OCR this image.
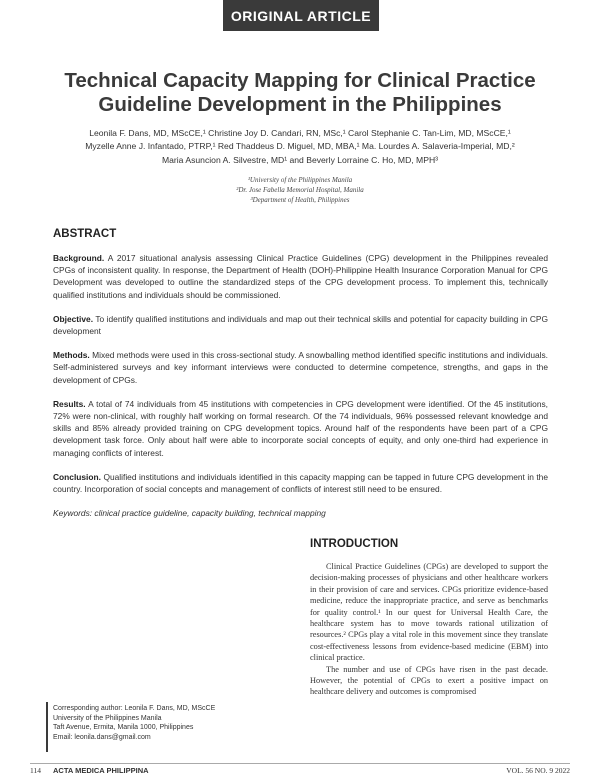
ORIGINAL ARTICLE
Technical Capacity Mapping for Clinical Practice
Guideline Development in the Philippines
Leonila F. Dans, MD, MScCE,¹ Christine Joy D. Candari, RN, MSc,¹ Carol Stephanie C. Tan-Lim, MD, MScCE,¹
Myzelle Anne J. Infantado, PTRP,¹ Red Thaddeus D. Miguel, MD, MBA,¹ Ma. Lourdes A. Salaveria-Imperial, MD,²
Maria Asuncion A. Silvestre, MD¹ and Beverly Lorraine C. Ho, MD, MPH³
¹University of the Philippines Manila
²Dr. Jose Fabella Memorial Hospital, Manila
³Department of Health, Philippines
ABSTRACT

Background. A 2017 situational analysis assessing Clinical Practice Guidelines (CPG) development in the Philippines revealed CPGs of inconsistent quality. In response, the Department of Health (DOH)-Philippine Health Insurance Corporation Manual for CPG Development was developed to outline the standardized steps of the CPG development process. To implement this, technically qualified institutions and individuals should be commissioned.

Objective. To identify qualified institutions and individuals and map out their technical skills and potential for capacity building in CPG development

Methods. Mixed methods were used in this cross-sectional study. A snowballing method identified specific institutions and individuals. Self-administered surveys and key informant interviews were conducted to determine competence, strengths, and gaps in the development of CPGs.

Results. A total of 74 individuals from 45 institutions with competencies in CPG development were identified. Of the 45 institutions, 72% were non-clinical, with roughly half working on formal research. Of the 74 individuals, 96% possessed relevant knowledge and skills and 85% already provided training on CPG development topics. Around half of the respondents have been part of a CPG development task force. Only about half were able to incorporate social concepts of equity, and only one-third had experience in managing conflicts of interest.

Conclusion. Qualified institutions and individuals identified in this capacity mapping can be tapped in future CPG development in the country. Incorporation of social concepts and management of conflicts of interest still need to be ensured.

Keywords: clinical practice guideline, capacity building, technical mapping

INTRODUCTION

Clinical Practice Guidelines (CPGs) are developed to support the decision-making processes of physicians and other healthcare workers in their provision of care and services. CPGs prioritize evidence-based medicine, reduce the inappropriate practice, and serve as benchmarks for quality control.¹ In our quest for Universal Health Care, the healthcare system has to move towards rational utilization of resources.² CPGs play a vital role in this movement since they translate cost-effectiveness lessons from evidence-based medicine (EBM) into clinical practice.

The number and use of CPGs have risen in the past decade. However, the potential of CPGs to exert a positive impact on healthcare delivery and outcomes is compromised

Corresponding author: Leonila F. Dans, MD, MScCE
University of the Philippines Manila
Taft Avenue, Ermita, Manila 1000, Philippines
Email: leonila.dans@gmail.com
114 ACTA MEDICA PHILIPPINA	VOL. 56 NO. 9 2022
